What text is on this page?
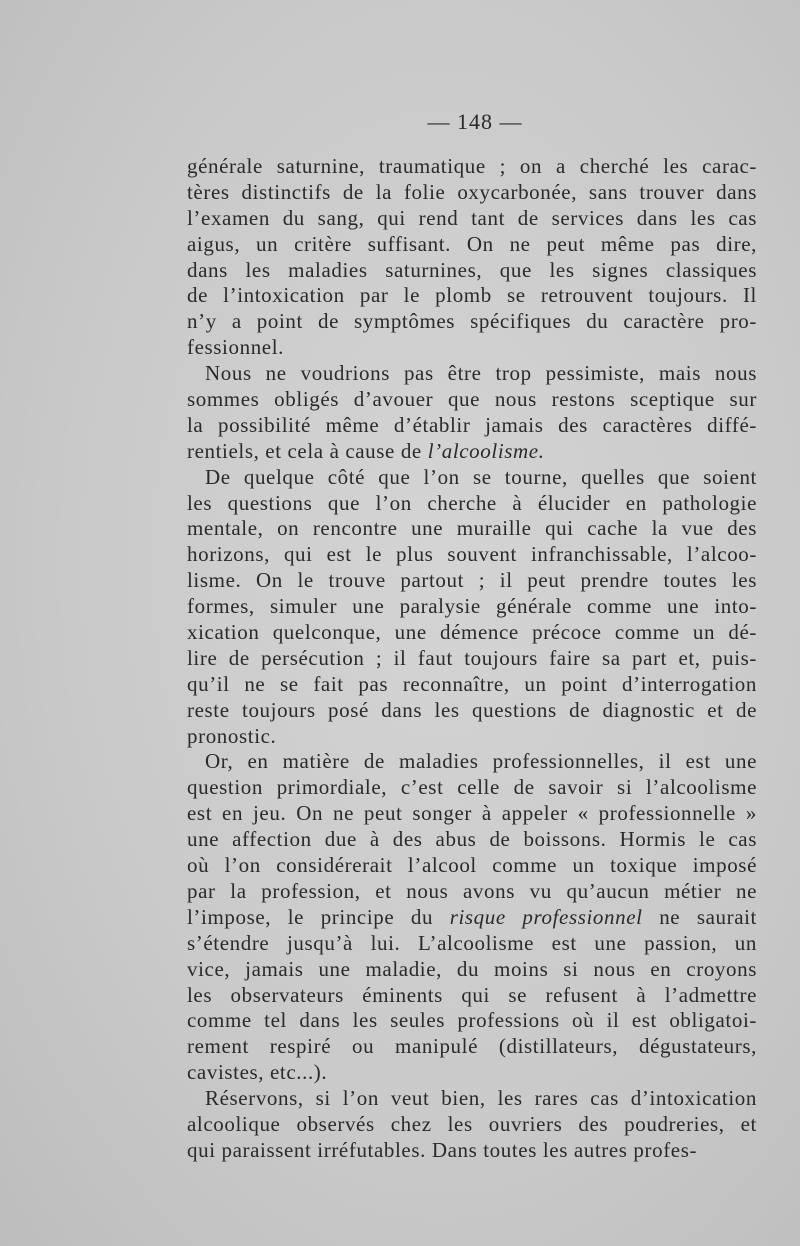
— 148 —
générale saturnine, traumatique ; on a cherché les carac-
tères distinctifs de la folie oxycarbonée, sans trouver dans
l’examen du sang, qui rend tant de services dans les cas
aigus, un critère suffisant. On ne peut même pas dire,
dans les maladies saturnines, que les signes classiques
de l’intoxication par le plomb se retrouvent toujours. Il
n’y a point de symptômes spécifiques du caractère pro-
fessionnel.
Nous ne voudrions pas être trop pessimiste, mais nous
sommes obligés d’avouer que nous restons sceptique sur
la possibilité même d’établir jamais des caractères diffé-
rentiels, et cela à cause de l’alcoolisme.
De quelque côté que l’on se tourne, quelles que soient
les questions que l’on cherche à élucider en pathologie
mentale, on rencontre une muraille qui cache la vue des
horizons, qui est le plus souvent infranchissable, l’alcoo-
lisme. On le trouve partout ; il peut prendre toutes les
formes, simuler une paralysie générale comme une into-
xication quelconque, une démence précoce comme un dé-
lire de persécution ; il faut toujours faire sa part et, puis-
qu’il ne se fait pas reconnaître, un point d’interrogation
reste toujours posé dans les questions de diagnostic et de
pronostic.
Or, en matière de maladies professionnelles, il est une
question primordiale, c’est celle de savoir si l’alcoolisme
est en jeu. On ne peut songer à appeler « professionnelle »
une affection due à des abus de boissons. Hormis le cas
où l’on considérerait l’alcool comme un toxique imposé
par la profession, et nous avons vu qu’aucun métier ne
l’impose, le principe du risque professionnel ne saurait
s’étendre jusqu’à lui. L’alcoolisme est une passion, un
vice, jamais une maladie, du moins si nous en croyons
les observateurs éminents qui se refusent à l’admettre
comme tel dans les seules professions où il est obligatoi-
rement respiré ou manipulé (distillateurs, dégustateurs,
cavistes, etc...).
Réservons, si l’on veut bien, les rares cas d’intoxication
alcoolique observés chez les ouvriers des poudreries, et
qui paraissent irréfutables. Dans toutes les autres profes-
